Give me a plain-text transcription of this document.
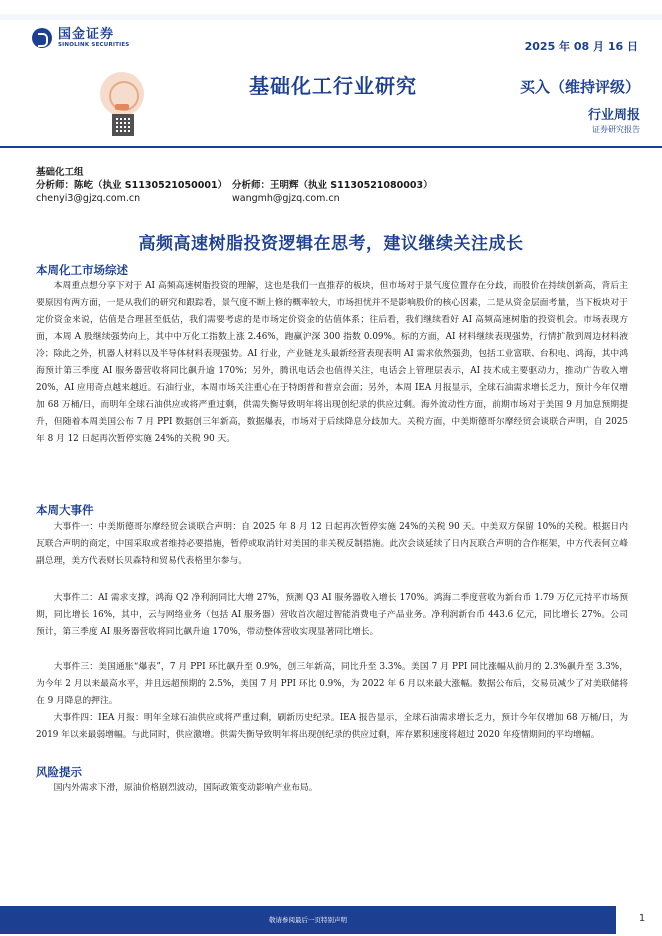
国金证券
SINOLINK SECURITIES	2025 年 08 月 16 日
基础化工行业研究	买入（维持评级）
行业周报
证券研究报告
基础化工组
分析师：陈屹（执业 S1130521050001） 分析师：王明辉（执业 S1130521080003）
chenyi3@gjzq.com.cn	wangmh@gjzq.com.cn
高频高速树脂投资逻辑在思考，建议继续关注成长
本周化工市场综述
本周重点想分享下对于 AI 高频高速树脂投资的理解，这也是我们一直推荐的板块，但市场对于景气度位置存在分歧，而股价在持续创新高，背后主要原因有两方面，一是从我们的研究和跟踪看，景气度不断上修的概率较大，市场担忧并不是影响股价的核心因素，二是从资金层面考量，当下板块对于定价资金来说，估值是合理甚至低估，我们需要考虑的是市场定价资金的估值体系；往后看，我们继续看好 AI 高频高速树脂的投资机会。市场表现方面，本周 A 股继续强势向上，其中中万化工指数上涨 2.46%，跑赢沪深 300 指数 0.09%。标的方面，AI 材料继续表现强势，行情扩散到周边材料液冷；除此之外，机器人材料以及半导体材料表现强势。AI 行业，产业链龙头最新经营表现表明 AI 需求依然强劲，包括工业富联、台积电、鸿海，其中鸿海预计第三季度 AI 服务器营收将同比飙升逾 170%；另外，腾讯电话会也值得关注，电话会上管理层表示，AI 技术成主要驱动力，推动广告收入增 20%，AI 应用奇点越来越近。石油行业，本周市场关注重心在于特朗普和普京会面；另外，本周 IEA 月报显示，全球石油需求增长乏力，预计今年仅增加 68 万桶/日，而明年全球石油供应或将严重过剩，供需失衡导致明年将出现创纪录的供应过剩。海外流动性方面，前期市场对于美国 9 月加息预期提升，但随着本周美国公布 7 月 PPI 数据创三年新高，数据爆表，市场对于后续降息分歧加大。关税方面，中美斯德哥尔摩经贸会谈联合声明，自 2025 年 8 月 12 日起再次暂停实施 24%的关税 90 天。
本周大事件
大事件一：中美斯德哥尔摩经贸会谈联合声明：自 2025 年 8 月 12 日起再次暂停实施 24%的关税 90 天。中美双方保留 10%的关税。根据日内瓦联合声明的商定，中国采取或者维持必要措施，暂停或取消针对美国的非关税反制措施。此次会谈延续了日内瓦联合声明的合作框架，中方代表何立峰副总理，美方代表财长贝森特和贸易代表格里尔参与。
大事件二：AI 需求支撑，鸿海 Q2 净利润同比大增 27%，预测 Q3 AI 服务器收入增长 170%。鸿海二季度营收为新台币 1.79 万亿元持平市场预期，同比增长 16%，其中，云与网络业务（包括 AI 服务器）营收首次超过智能消费电子产品业务。净利润新台币 443.6 亿元，同比增长 27%。公司预计，第三季度 AI 服务器营收将同比飙升逾 170%，带动整体营收实现显著同比增长。
大事件三：美国通胀“爆表”，7 月 PPI 环比飙升至 0.9%，创三年新高，同比升至 3.3%。美国 7 月 PPI 同比涨幅从前月的 2.3%飙升至 3.3%，为今年 2 月以来最高水平，并且远超预期的 2.5%，美国 7 月 PPI 环比 0.9%，为 2022 年 6 月以来最大涨幅。数据公布后，交易员减少了对美联储将在 9 月降息的押注。
大事件四：IEA 月报：明年全球石油供应或将严重过剩，刷新历史纪录。IEA 报告显示，全球石油需求增长乏力，预计今年仅增加 68 万桶/日，为 2019 年以来最弱增幅。与此同时，供应激增。供需失衡导致明年将出现创纪录的供应过剩，库存累积速度将超过 2020 年疫情期间的平均增幅。
风险提示
国内外需求下滑，原油价格剧烈波动，国际政策变动影响产业布局。
敬请参阅最后一页特别声明	1
